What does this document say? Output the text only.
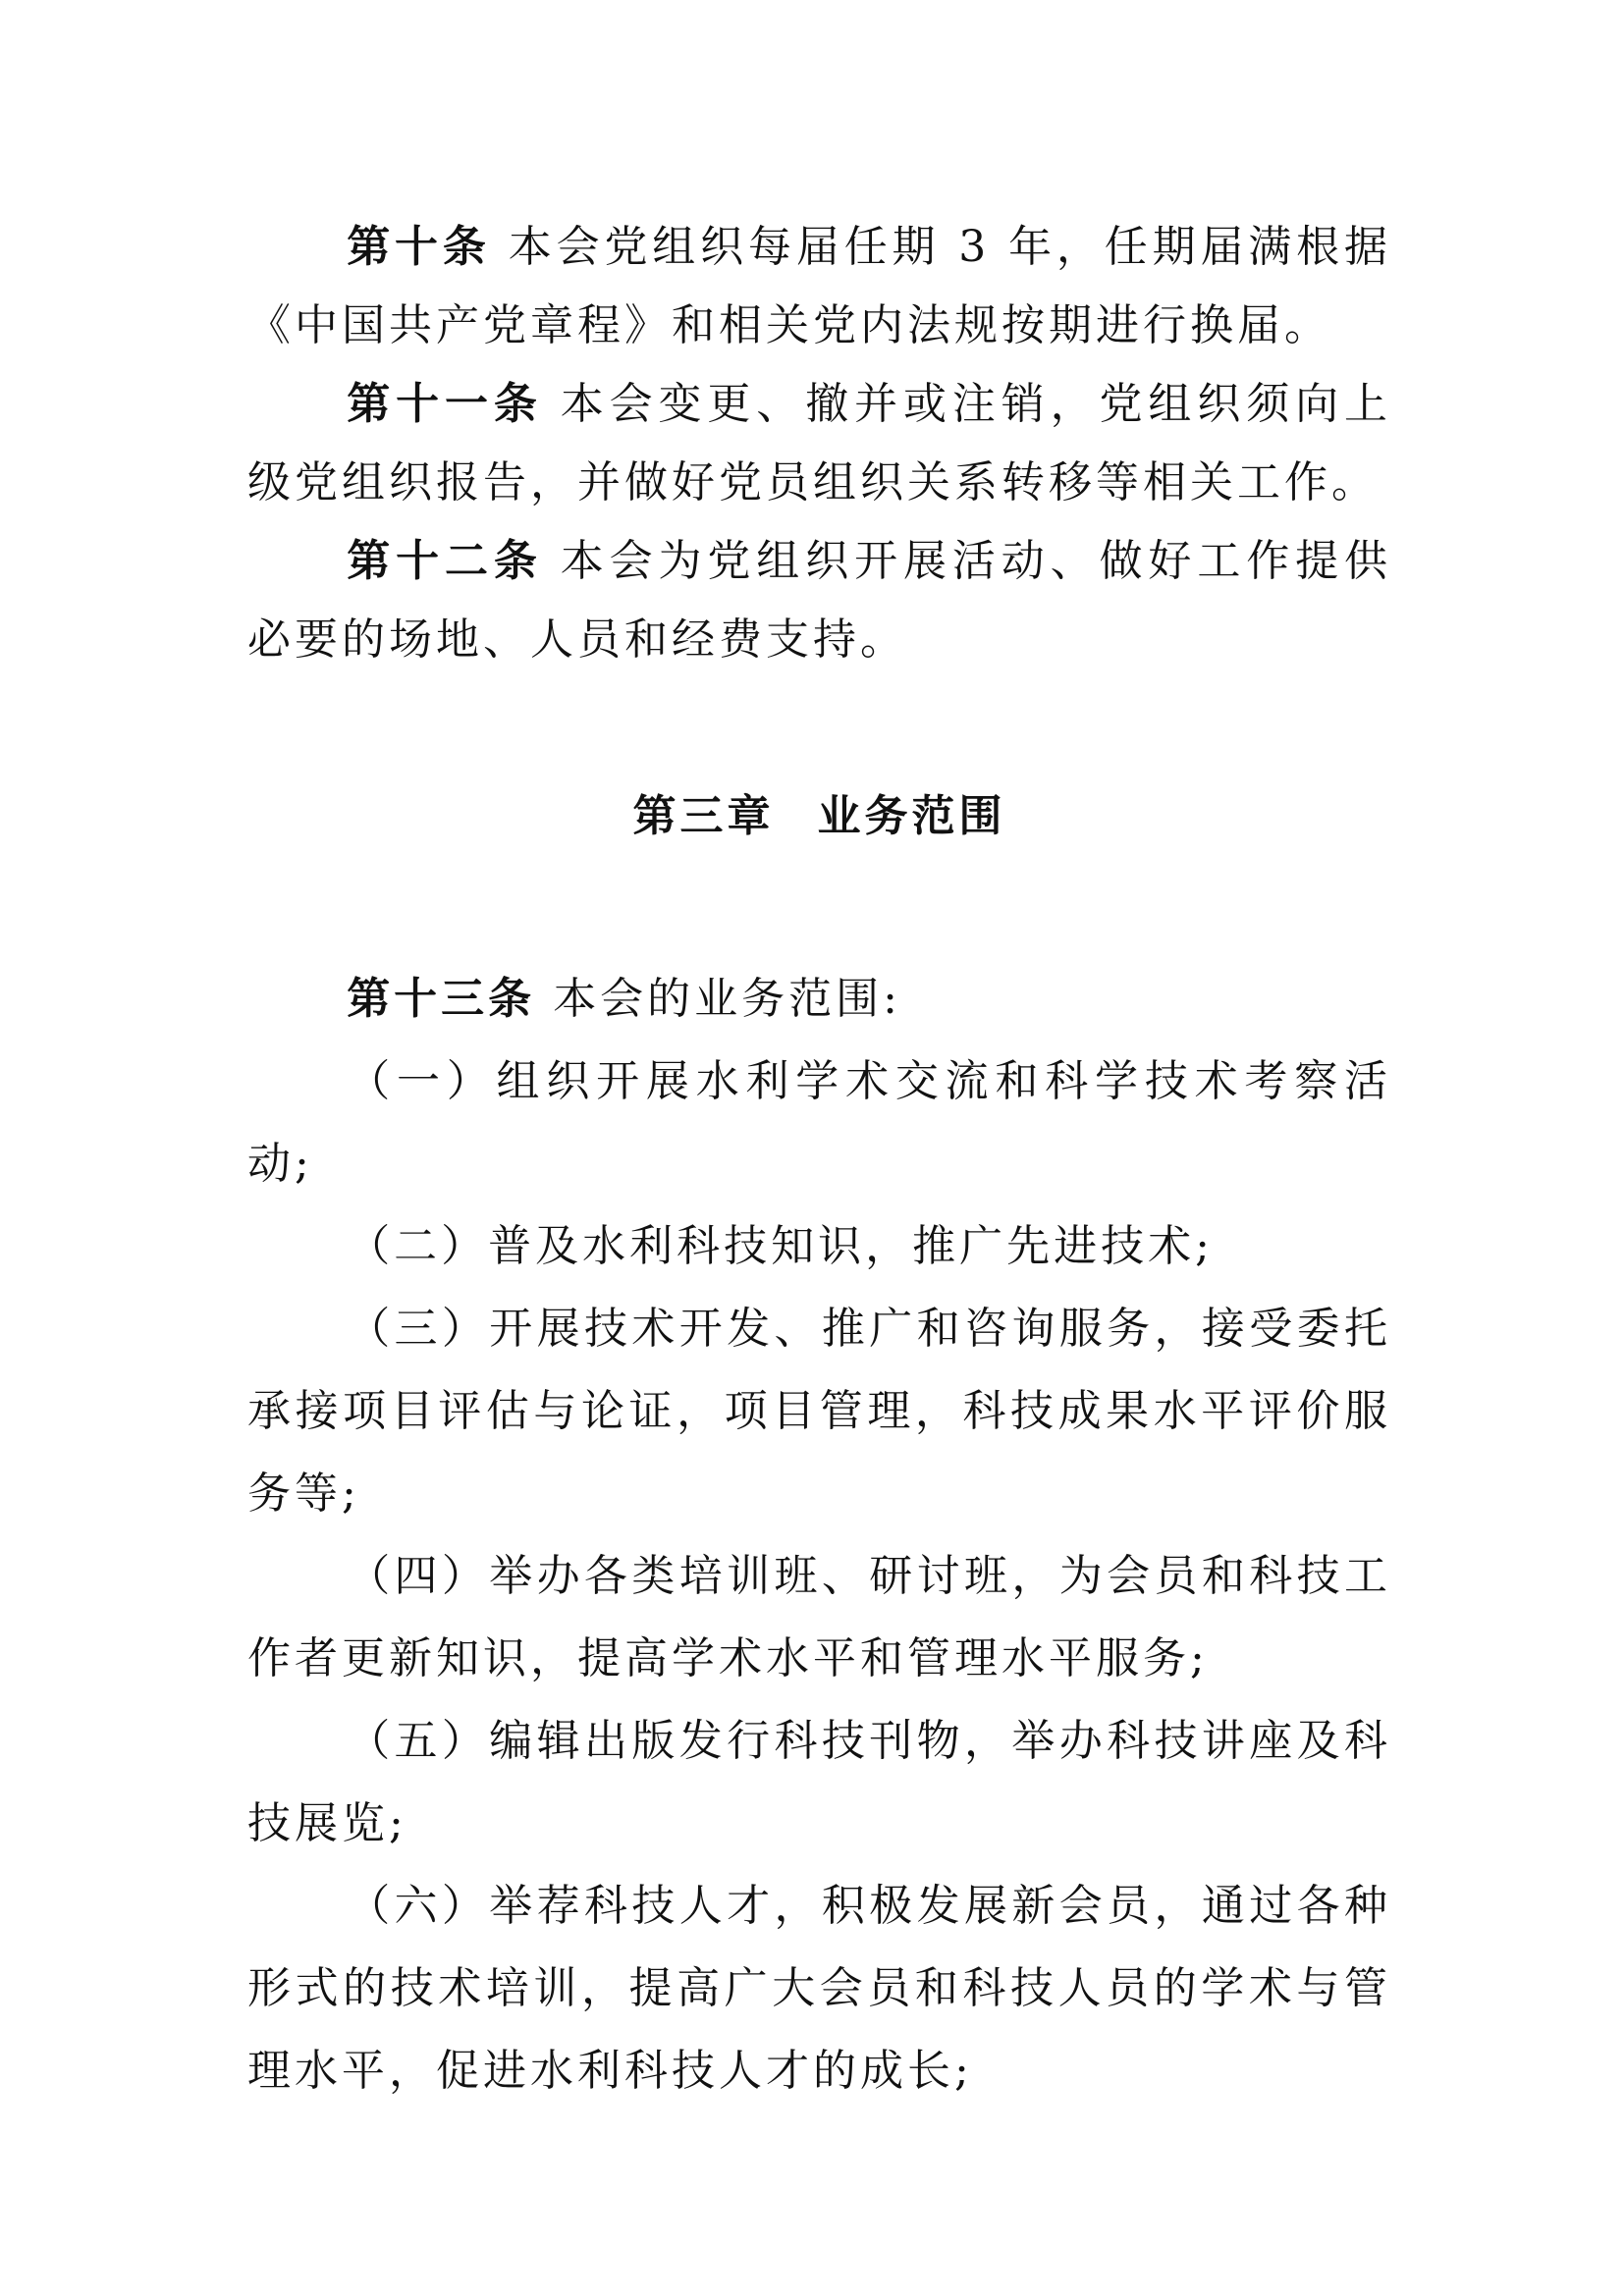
第十条 本会党组织每届任期 3 年，任期届满根据《中国共产党章程》和相关党内法规按期进行换届。

第十一条 本会变更、撤并或注销，党组织须向上级党组织报告，并做好党员组织关系转移等相关工作。

第十二条 本会为党组织开展活动、做好工作提供必要的场地、人员和经费支持。

第三章 业务范围

第十三条 本会的业务范围:

（一）组织开展水利学术交流和科学技术考察活动;

（二）普及水利科技知识，推广先进技术;

（三）开展技术开发、推广和咨询服务，接受委托承接项目评估与论证，项目管理，科技成果水平评价服务等;

（四）举办各类培训班、研讨班，为会员和科技工作者更新知识，提高学术水平和管理水平服务;

（五）编辑出版发行科技刊物，举办科技讲座及科技展览;

（六）举荐科技人才，积极发展新会员，通过各种形式的技术培训，提高广大会员和科技人员的学术与管理水平，促进水利科技人才的成长;
